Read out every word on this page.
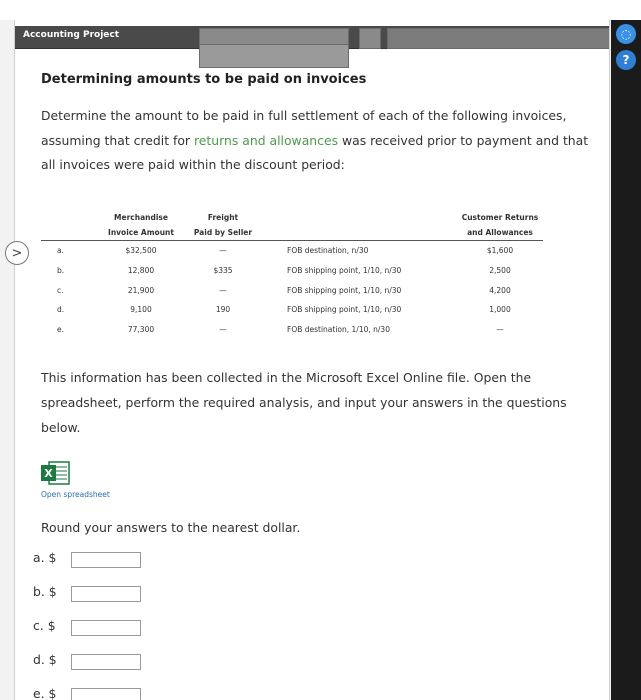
Accounting Project
Determining amounts to be paid on invoices
Determine the amount to be paid in full settlement of each of the following invoices, assuming that credit for returns and allowances was received prior to payment and that all invoices were paid within the discount period:
	Merchandise	Freight		Customer Returns
	Invoice Amount	Paid by Seller		and Allowances
a.	$32,500	—	FOB destination, n/30	$1,600
b.	12,800	$335	FOB shipping point, 1/10, n/30	2,500
c.	21,900	—	FOB shipping point, 1/10, n/30	4,200
d.	9,100	190	FOB shipping point, 1/10, n/30	1,000
e.	77,300	—	FOB destination, 1/10, n/30	—
This information has been collected in the Microsoft Excel Online file. Open the spreadsheet, perform the required analysis, and input your answers in the questions below.
X
Open spreadsheet
Round your answers to the nearest dollar.
a. $
b. $
c. $
d. $
e. $
◌
?
>
